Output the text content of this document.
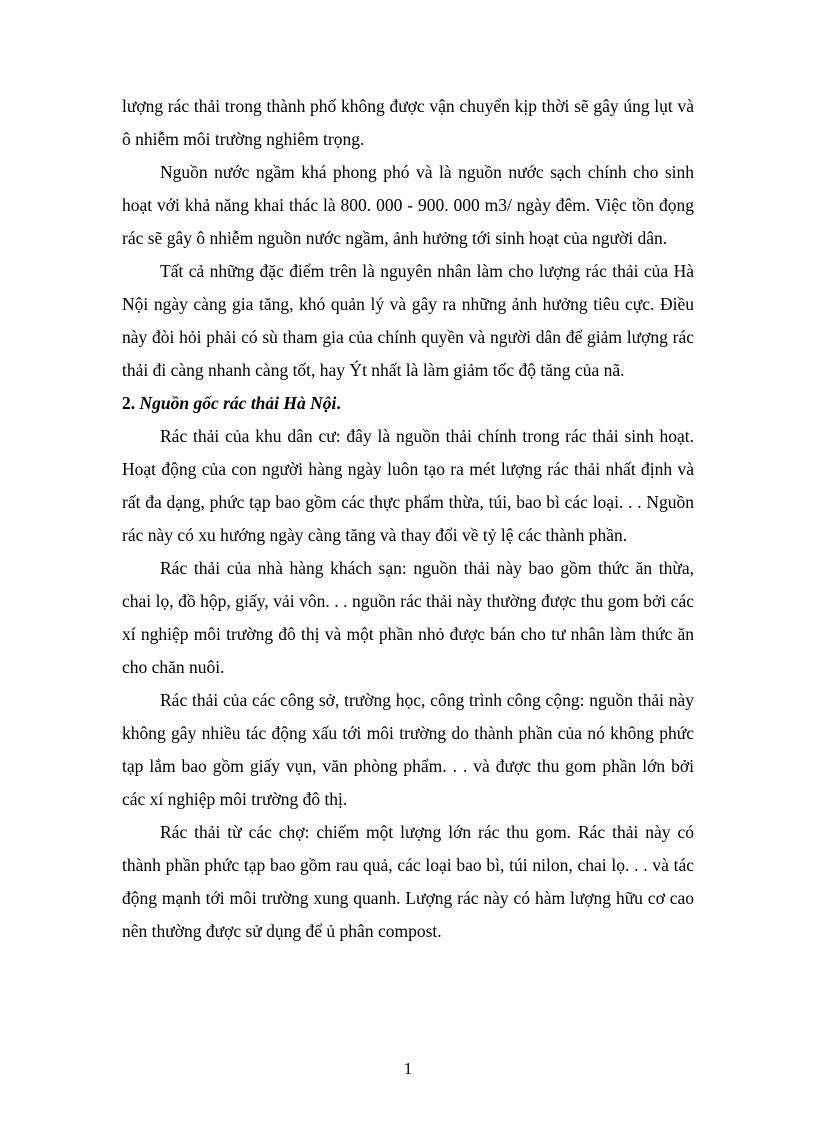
lượng rác thải trong thành phố không được vận chuyển kịp thời sẽ gây úng lụt và ô nhiễm môi trường nghiêm trọng.

Nguồn nước ngầm khá phong phó và là nguồn nước sạch chính cho sinh hoạt với khả năng khai thác là 800. 000 - 900. 000 m3/ ngày đêm. Việc tồn đọng rác sẽ gây ô nhiễm nguồn nước ngầm, ảnh hưởng tới sinh hoạt của người dân.

Tất cả những đặc điểm trên là nguyên nhân làm cho lượng rác thải của Hà Nội ngày càng gia tăng, khó quản lý và gây ra những ảnh hưởng tiêu cực. Điều này đòi hỏi phải có sù tham gia của chính quyền và người dân để giảm lượng rác thải đi càng nhanh càng tốt, hay Ýt nhất là làm giảm tốc độ tăng của nã.

2. Nguồn gốc rác thải Hà Nội.

Rác thải của khu dân cư: đây là nguồn thải chính trong rác thải sinh hoạt. Hoạt động của con người hàng ngày luôn tạo ra mét lượng rác thải nhất định và rất đa dạng, phức tạp bao gồm các thực phẩm thừa, túi, bao bì các loại. . . Nguồn rác này có xu hướng ngày càng tăng và thay đổi về tỷ lệ các thành phần.

Rác thải của nhà hàng khách sạn: nguồn thải này bao gồm thức ăn thừa, chai lọ, đồ hộp, giấy, vải vôn. . . nguồn rác thải này thường được thu gom bởi các xí nghiệp môi trường đô thị và một phần nhỏ được bán cho tư nhân làm thức ăn cho chăn nuôi.

Rác thải của các công sở, trường học, công trình công cộng: nguồn thải này không gây nhiều tác động xấu tới môi trường do thành phần của nó không phức tạp lắm bao gồm giấy vụn, văn phòng phẩm. . . và được thu gom phần lớn bởi các xí nghiệp môi trường đô thị.

Rác thải từ các chợ: chiếm một lượng lớn rác thu gom. Rác thải này có thành phần phức tạp bao gồm rau quả, các loại bao bì, túi nilon, chai lọ. . . và tác động mạnh tới môi trường xung quanh. Lượng rác này có hàm lượng hữu cơ cao nên thường được sử dụng để ủ phân compost.

1
